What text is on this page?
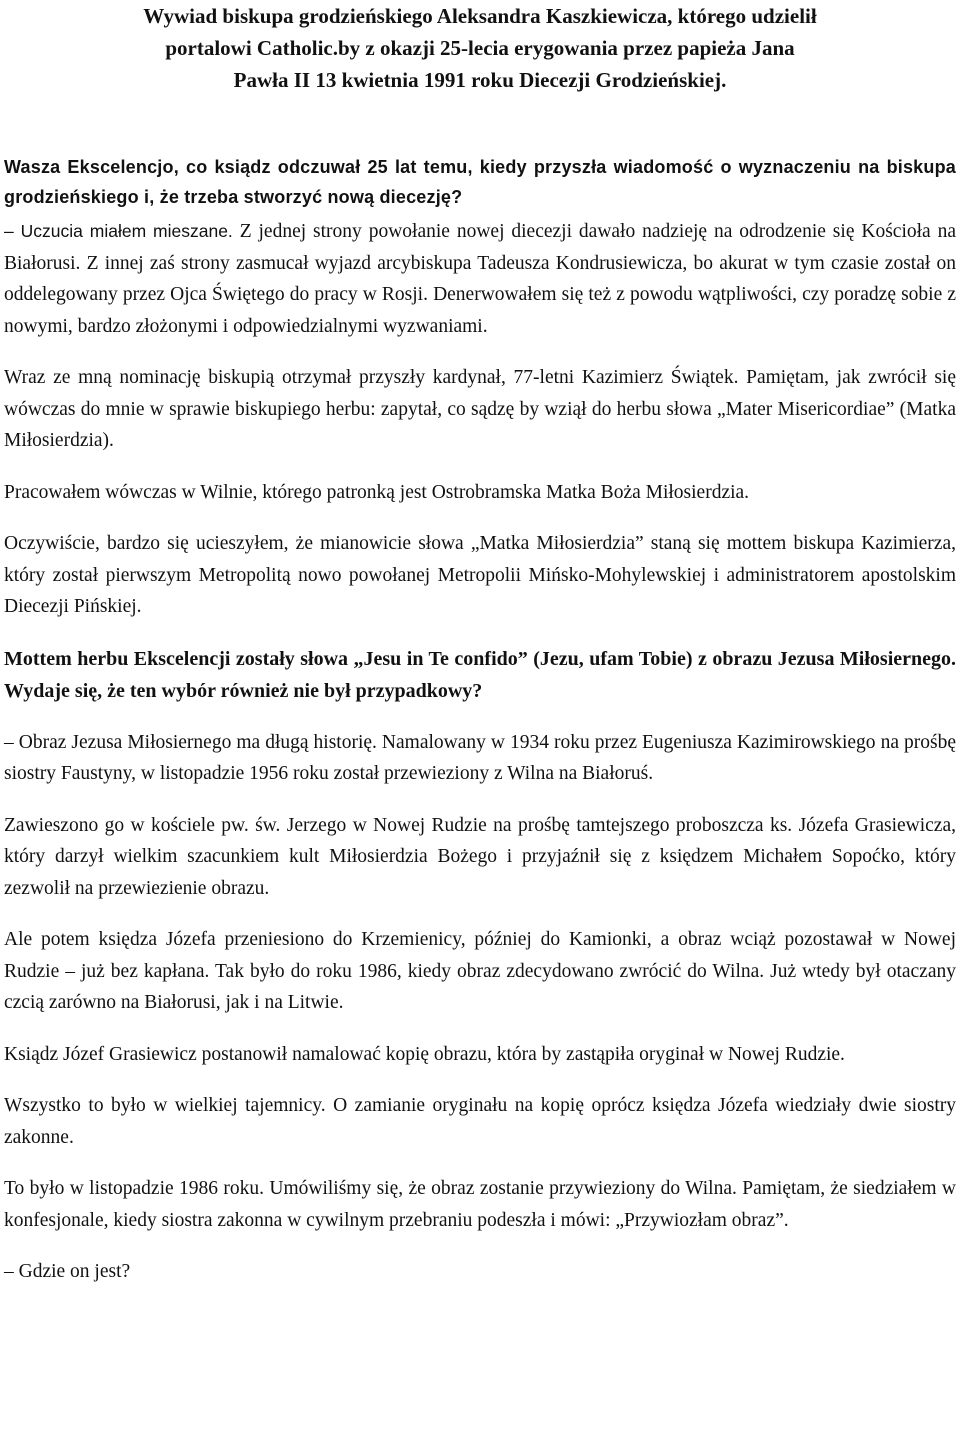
Wywiad biskupa grodzieńskiego Aleksandra Kaszkiewicza, którego udzielił
portalowi Catholic.by z okazji 25-lecia erygowania przez papieża Jana
Pawła II 13 kwietnia 1991 roku Diecezji Grodzieńskiej.

Wasza Ekscelencjo, co ksiądz odczuwał 25 lat temu, kiedy przyszła wiadomość o wyznaczeniu na biskupa grodzieńskiego i, że trzeba stworzyć nową diecezję?

– Uczucia miałem mieszane. Z jednej strony powołanie nowej diecezji dawało nadzieję na odrodzenie się Kościoła na Białorusi. Z innej zaś strony zasmucał wyjazd arcybiskupa Tadeusza Kondrusiewicza, bo akurat w tym czasie został on oddelegowany przez Ojca Świętego do pracy w Rosji. Denerwowałem się też z powodu wątpliwości, czy poradzę sobie z nowymi, bardzo złożonymi i odpowiedzialnymi wyzwaniami.

Wraz ze mną nominację biskupią otrzymał przyszły kardynał, 77-letni Kazimierz Świątek. Pamiętam, jak zwrócił się wówczas do mnie w sprawie biskupiego herbu: zapytał, co sądzę by wziął do herbu słowa „Mater Misericordiae” (Matka Miłosierdzia).

Pracowałem wówczas w Wilnie, którego patronką jest Ostrobramska Matka Boża Miłosierdzia.

Oczywiście, bardzo się ucieszyłem, że mianowicie słowa „Matka Miłosierdzia” staną się mottem biskupa Kazimierza, który został pierwszym Metropolitą nowo powołanej Metropolii Mińsko-Mohylewskiej i administratorem apostolskim Diecezji Pińskiej.

Mottem herbu Ekscelencji zostały słowa „Jesu in Te confido” (Jezu, ufam Tobie) z obrazu Jezusa Miłosiernego. Wydaje się, że ten wybór również nie był przypadkowy?

– Obraz Jezusa Miłosiernego ma długą historię. Namalowany w 1934 roku przez Eugeniusza Kazimirowskiego na prośbę siostry Faustyny, w listopadzie 1956 roku został przewieziony z Wilna na Białoruś.

Zawieszono go w kościele pw. św. Jerzego w Nowej Rudzie na prośbę tamtejszego proboszcza ks. Józefa Grasiewicza, który darzył wielkim szacunkiem kult Miłosierdzia Bożego i przyjaźnił się z księdzem Michałem Sopoćko, który zezwolił na przewiezienie obrazu.

Ale potem księdza Józefa przeniesiono do Krzemienicy, później do Kamionki, a obraz wciąż pozostawał w Nowej Rudzie – już bez kapłana. Tak było do roku 1986, kiedy obraz zdecydowano zwrócić do Wilna. Już wtedy był otaczany czcią zarówno na Białorusi, jak i na Litwie.

Ksiądz Józef Grasiewicz postanowił namalować kopię obrazu, która by zastąpiła oryginał w Nowej Rudzie.

Wszystko to było w wielkiej tajemnicy. O zamianie oryginału na kopię oprócz księdza Józefa wiedziały dwie siostry zakonne.

To było w listopadzie 1986 roku. Umówiliśmy się, że obraz zostanie przywieziony do Wilna. Pamiętam, że siedziałem w konfesjonale, kiedy siostra zakonna w cywilnym przebraniu podeszła i mówi: „Przywiozłam obraz”.

– Gdzie on jest?
